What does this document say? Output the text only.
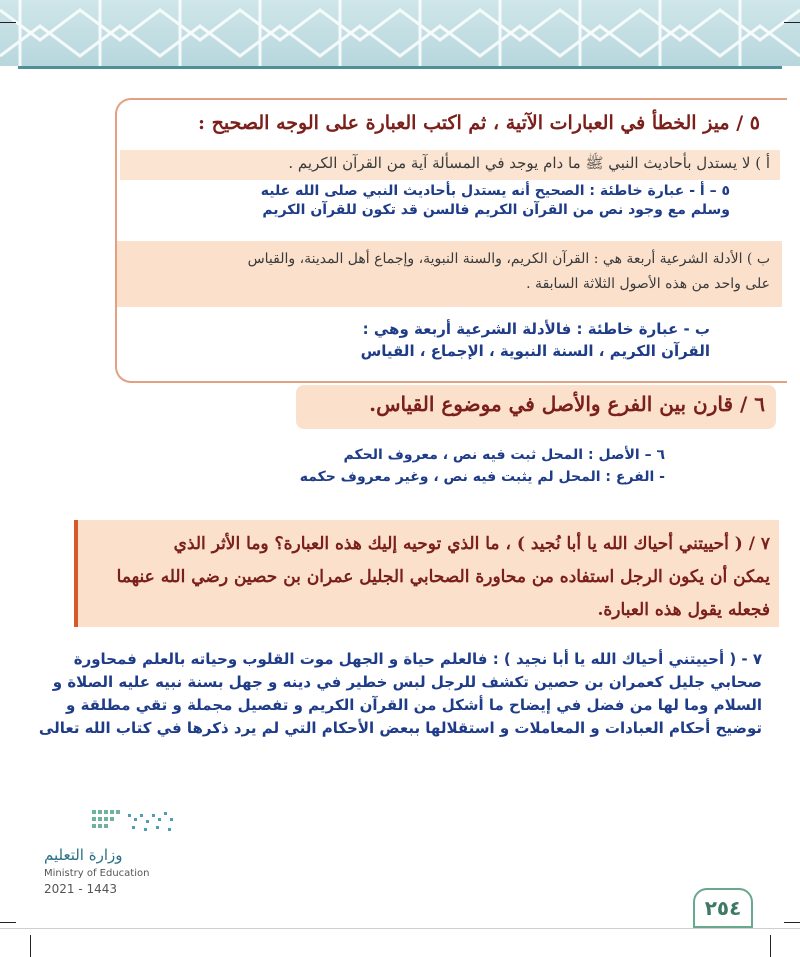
٥ / ميز الخطأ في العبارات الآتية ، ثم اكتب العبارة على الوجه الصحيح :
أ ) لا يستدل بأحاديث النبي ﷺ ما دام يوجد في المسألة آية من القرآن الكريم .
٥ – أ - عبارة خاطئة : الصحيح أنه يستدل بأحاديث النبي صلى الله عليه
وسلم مع وجود نص من القرآن الكريم فالسن قد تكون للقرآن الكريم
ب ) الأدلة الشرعية أربعة هي : القرآن الكريم، والسنة النبوية، وإجماع أهل المدينة، والقياس
على واحد من هذه الأصول الثلاثة السابقة .
ب - عبارة خاطئة : فالأدلة الشرعية أربعة وهي :
القرآن الكريم ، السنة النبوية ، الإجماع ، القياس
٦ / قارن بين الفرع والأصل في موضوع القياس.
٦ – الأصل : المحل ثبت فيه نص ، معروف الحكم
- الفرع : المحل لم يثبت فيه نص ، وغير معروف حكمه
٧ / ( أحييتني أحياك الله يا أبا نُجيد ) ، ما الذي توحيه إليك هذه العبارة؟ وما الأثر الذي
يمكن أن يكون الرجل استفاده من محاورة الصحابي الجليل عمران بن حصين رضي الله عنهما
فجعله يقول هذه العبارة.
٧ - ( أحييتني أحياك الله يا أبا نجيد ) : فالعلم حياة و الجهل موت القلوب وحياته بالعلم فمحاورة
صحابي جليل كعمران بن حصين تكشف للرجل لبس خطير في دينه و جهل بسنة نبيه عليه الصلاة و
السلام وما لها من فضل في إيضاح ما أشكل من القرآن الكريم و تفصيل مجملة و تقي مطلقة و
توضيح أحكام العبادات و المعاملات و استقلالها ببعض الأحكام التي لم يرد ذكرها في كتاب الله تعالى
وزارة التعليم
Ministry of Education
2021 - 1443
٢٥٤
